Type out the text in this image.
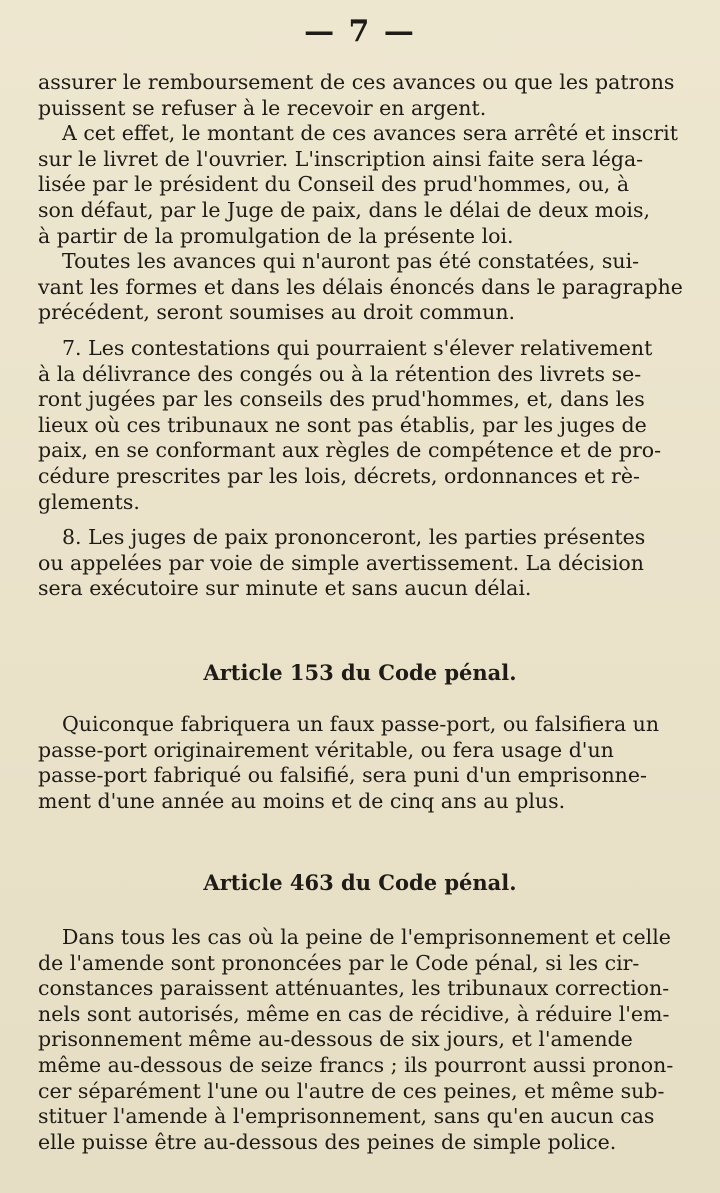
— 7 —
assurer le remboursement de ces avances ou que les patrons
puissent se refuser à le recevoir en argent.
A cet effet, le montant de ces avances sera arrêté et inscrit
sur le livret de l'ouvrier. L'inscription ainsi faite sera léga-
lisée par le président du Conseil des prud'hommes, ou, à
son défaut, par le Juge de paix, dans le délai de deux mois,
à partir de la promulgation de la présente loi.
Toutes les avances qui n'auront pas été constatées, sui-
vant les formes et dans les délais énoncés dans le paragraphe
précédent, seront soumises au droit commun.
7. Les contestations qui pourraient s'élever relativement
à la délivrance des congés ou à la rétention des livrets se-
ront jugées par les conseils des prud'hommes, et, dans les
lieux où ces tribunaux ne sont pas établis, par les juges de
paix, en se conformant aux règles de compétence et de pro-
cédure prescrites par les lois, décrets, ordonnances et rè-
glements.
8. Les juges de paix prononceront, les parties présentes
ou appelées par voie de simple avertissement. La décision
sera exécutoire sur minute et sans aucun délai.
Article 153 du Code pénal.
Quiconque fabriquera un faux passe-port, ou falsifiera un
passe-port originairement véritable, ou fera usage d'un
passe-port fabriqué ou falsifié, sera puni d'un emprisonne-
ment d'une année au moins et de cinq ans au plus.
Article 463 du Code pénal.
Dans tous les cas où la peine de l'emprisonnement et celle
de l'amende sont prononcées par le Code pénal, si les cir-
constances paraissent atténuantes, les tribunaux correction-
nels sont autorisés, même en cas de récidive, à réduire l'em-
prisonnement même au-dessous de six jours, et l'amende
même au-dessous de seize francs ; ils pourront aussi pronon-
cer séparément l'une ou l'autre de ces peines, et même sub-
stituer l'amende à l'emprisonnement, sans qu'en aucun cas
elle puisse être au-dessous des peines de simple police.
